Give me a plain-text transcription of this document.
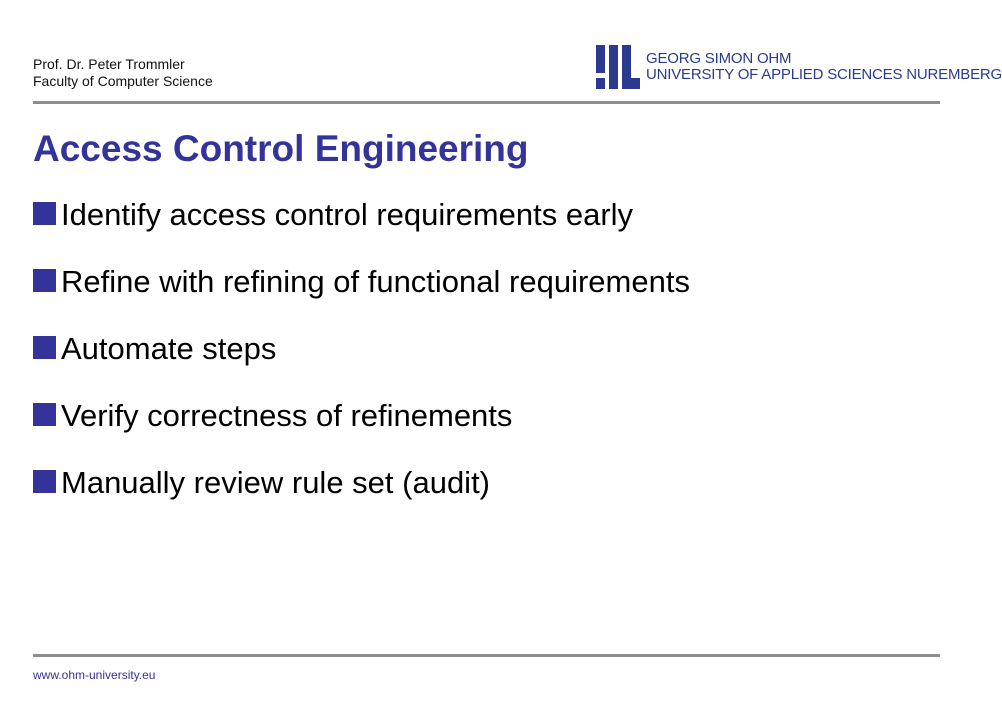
Prof. Dr. Peter Trommler
Faculty of Computer Science
GEORG SIMON OHM
UNIVERSITY OF APPLIED SCIENCES NUREMBERG
Access Control Engineering
Identify access control requirements early
Refine with refining of functional requirements
Automate steps
Verify correctness of refinements
Manually review rule set (audit)
www.ohm-university.eu
